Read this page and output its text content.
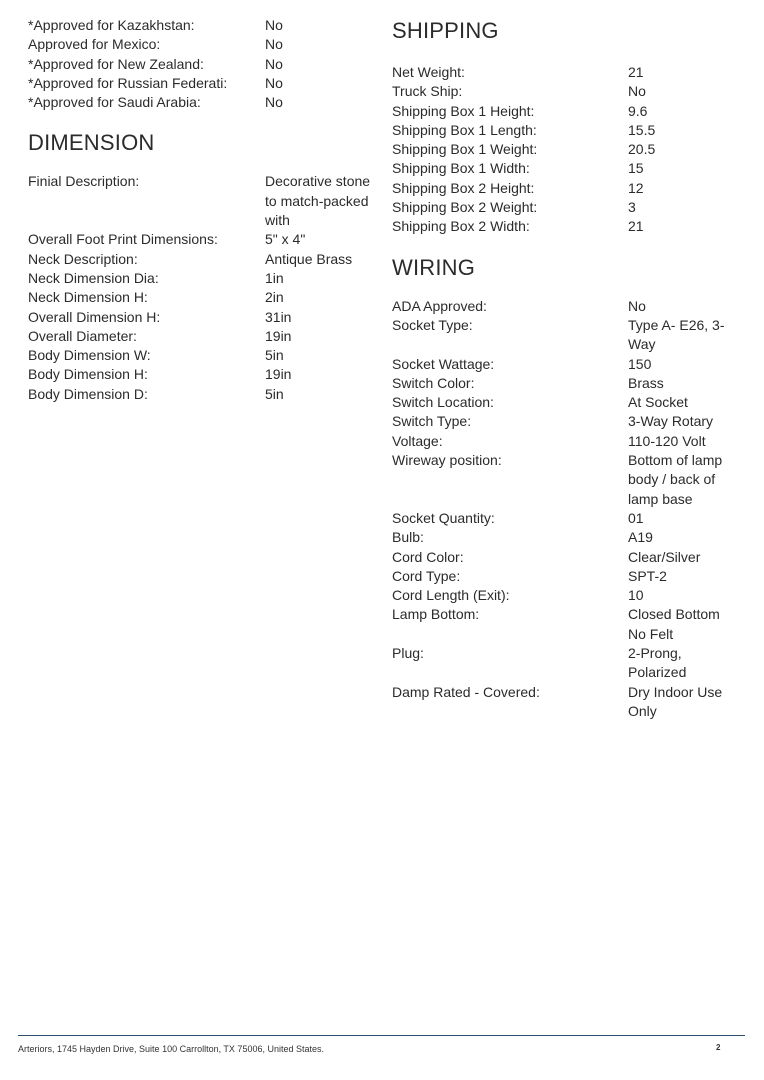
*Approved for Kazakhstan:	No
Approved for Mexico:	No
*Approved for New Zealand:	No
*Approved for Russian Federati:	No
*Approved for Saudi Arabia:	No
DIMENSION
Finial Description:	Decorative stone to match-packed with
Overall Foot Print Dimensions:	5" x 4"
Neck Description:	Antique Brass
Neck Dimension Dia:	1in
Neck Dimension H:	2in
Overall Dimension H:	31in
Overall Diameter:	19in
Body Dimension W:	5in
Body Dimension H:	19in
Body Dimension D:	5in
SHIPPING
Net Weight:	21
Truck Ship:	No
Shipping Box 1 Height:	9.6
Shipping Box 1 Length:	15.5
Shipping Box 1 Weight:	20.5
Shipping Box 1 Width:	15
Shipping Box 2 Height:	12
Shipping Box 2 Weight:	3
Shipping Box 2 Width:	21
WIRING
ADA Approved:	No
Socket Type:	Type A- E26, 3-Way
Socket Wattage:	150
Switch Color:	Brass
Switch Location:	At Socket
Switch Type:	3-Way Rotary
Voltage:	110-120 Volt
Wireway position:	Bottom of lamp body / back of lamp base
Socket Quantity:	01
Bulb:	A19
Cord Color:	Clear/Silver
Cord Type:	SPT-2
Cord Length (Exit):	10
Lamp Bottom:	Closed Bottom No Felt
Plug:	2-Prong, Polarized
Damp Rated - Covered:	Dry Indoor Use Only
Arteriors, 1745 Hayden Drive, Suite 100 Carrollton, TX 75006, United States.	2
